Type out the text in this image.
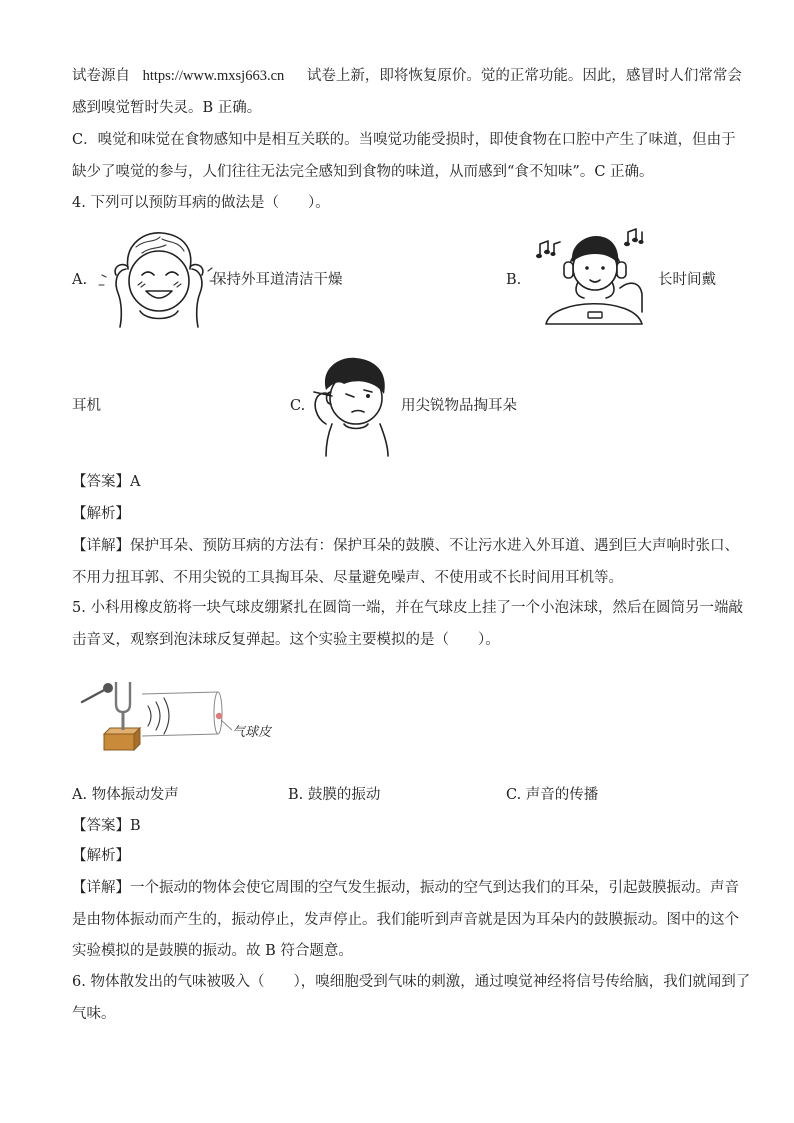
试卷源自 https://www.mxsj663.cn 试卷上新，即将恢复原价。觉的正常功能。因此，感冒时人们常常会
感到嗅觉暂时失灵。B 正确。
C．嗅觉和味觉在食物感知中是相互关联的。当嗅觉功能受损时，即使食物在口腔中产生了味道，但由于
缺少了嗅觉的参与，人们往往无法完全感知到食物的味道，从而感到“食不知味”。C 正确。
4. 下列可以预防耳病的做法是（　　）。
A.	保持外耳道清洁干燥	B.	长时间戴
耳机	C.	用尖锐物品掏耳朵
【答案】A
【解析】
【详解】保护耳朵、预防耳病的方法有：保护耳朵的鼓膜、不让污水进入外耳道、遇到巨大声响时张口、
不用力扭耳郭、不用尖锐的工具掏耳朵、尽量避免噪声、不使用或不长时间用耳机等。
5. 小科用橡皮筋将一块气球皮绷紧扎在圆筒一端，并在气球皮上挂了一个小泡沫球，然后在圆筒另一端敲
击音叉，观察到泡沫球反复弹起。这个实验主要模拟的是（　　）。
气球皮
A. 物体振动发声	B. 鼓膜的振动	C. 声音的传播
【答案】B
【解析】
【详解】一个振动的物体会使它周围的空气发生振动，振动的空气到达我们的耳朵，引起鼓膜振动。声音
是由物体振动而产生的，振动停止，发声停止。我们能听到声音就是因为耳朵内的鼓膜振动。图中的这个
实验模拟的是鼓膜的振动。故 B 符合题意。
6. 物体散发出的气味被吸入（　　），嗅细胞受到气味的刺激，通过嗅觉神经将信号传给脑，我们就闻到了
气味。
